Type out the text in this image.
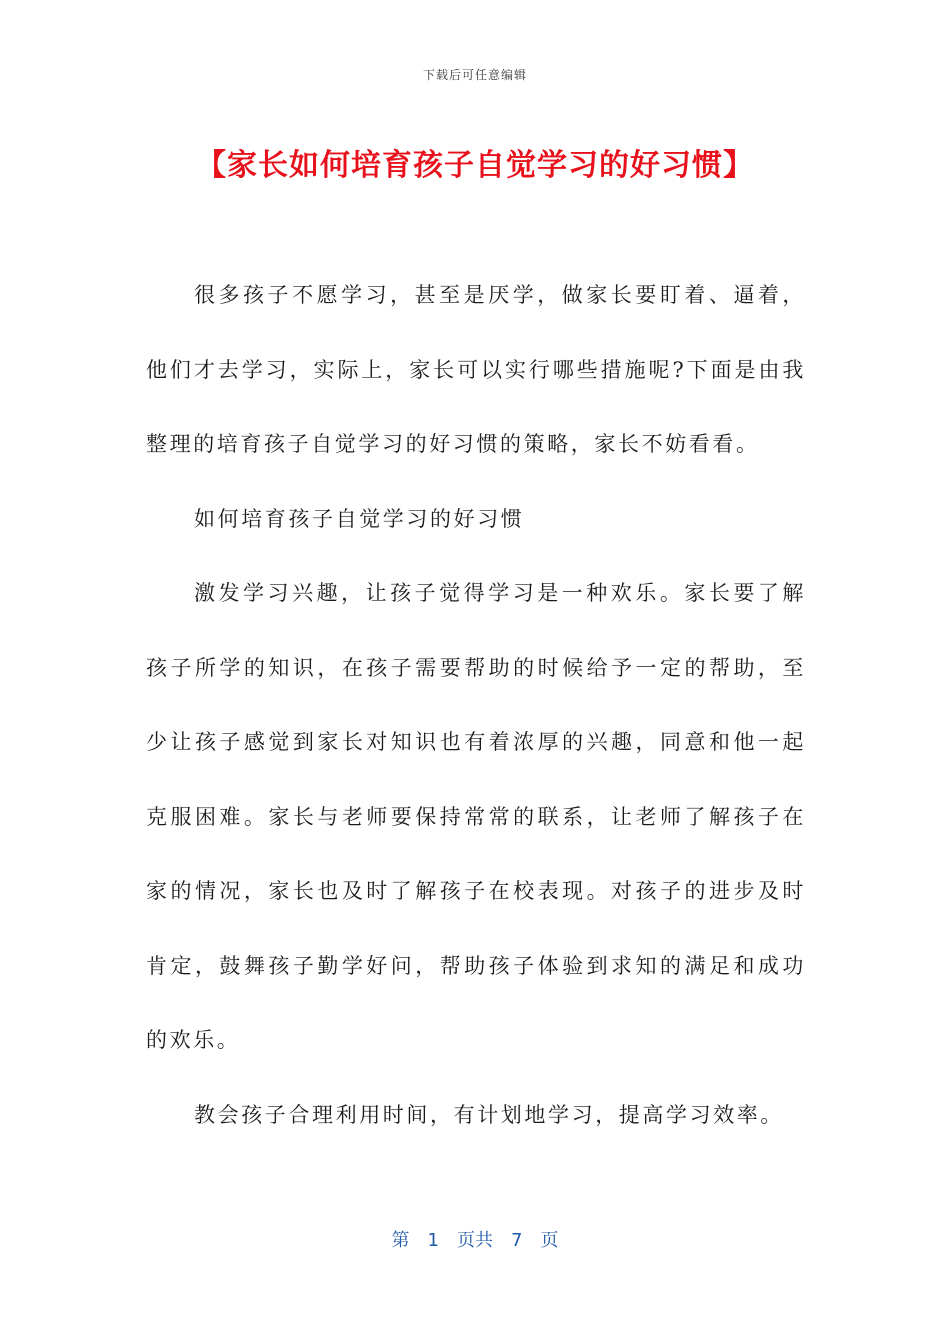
下载后可任意编辑
【家长如何培育孩子自觉学习的好习惯】

很多孩子不愿学习，甚至是厌学，做家长要盯着、逼着，他们才去学习，实际上，家长可以实行哪些措施呢?下面是由我整理的培育孩子自觉学习的好习惯的策略，家长不妨看看。

如何培育孩子自觉学习的好习惯

激发学习兴趣，让孩子觉得学习是一种欢乐。家长要了解孩子所学的知识，在孩子需要帮助的时候给予一定的帮助，至少让孩子感觉到家长对知识也有着浓厚的兴趣，同意和他一起克服困难。家长与老师要保持常常的联系，让老师了解孩子在家的情况，家长也及时了解孩子在校表现。对孩子的进步及时肯定，鼓舞孩子勤学好问，帮助孩子体验到求知的满足和成功的欢乐。

教会孩子合理利用时间，有计划地学习，提高学习效率。

第 1 页共 7 页
